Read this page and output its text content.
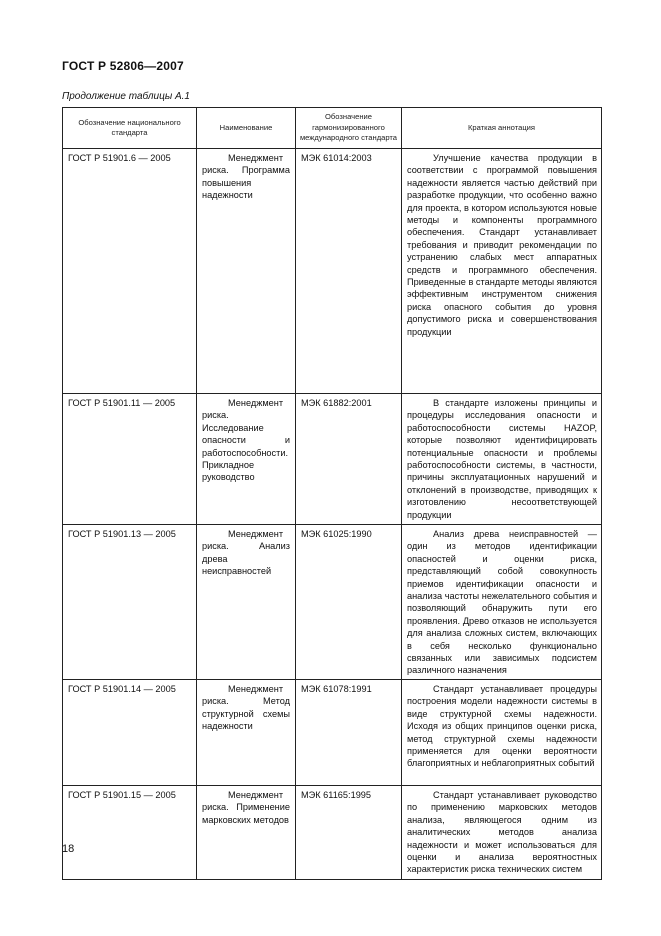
ГОСТ Р 52806—2007
Продолжение таблицы А.1
Обозначение национального стандарта	Наименование	Обозначение гармонизированного международного стандарта	Краткая аннотация
ГОСТ Р 51901.6 — 2005	Менеджмент риска. Программа повышения надежности	МЭК 61014:2003	Улучшение качества продукции в соответствии с программой повышения надежности является частью действий при разработке продукции, что особенно важно для проекта, в котором используются новые методы и компоненты программного обеспечения. Стандарт устанавливает требования и приводит рекомендации по устранению слабых мест аппаратных средств и программного обеспечения. Приведенные в стандарте методы являются эффективным инструментом снижения риска опасного события до уровня допустимого риска и совершенствования продукции
ГОСТ Р 51901.11 — 2005	Менеджмент риска. Исследование опасности и работоспособности. Прикладное руководство	МЭК 61882:2001	В стандарте изложены принципы и процедуры исследования опасности и работоспособности системы HAZOP, которые позволяют идентифицировать потенциальные опасности и проблемы работоспособности системы, в частности, причины эксплуатационных нарушений и отклонений в производстве, приводящих к изготовлению несоответствующей продукции
ГОСТ Р 51901.13 — 2005	Менеджмент риска. Анализ древа неисправностей	МЭК 61025:1990	Анализ древа неисправностей — один из методов идентификации опасностей и оценки риска, представляющий собой совокупность приемов идентификации опасности и анализа частоты нежелательного события и позволяющий обнаружить пути его проявления. Древо отказов не используется для анализа сложных систем, включающих в себя несколько функционально связанных или зависимых подсистем различного назначения
ГОСТ Р 51901.14 — 2005	Менеджмент риска. Метод структурной схемы надежности	МЭК 61078:1991	Стандарт устанавливает процедуры построения модели надежности системы в виде структурной схемы надежности. Исходя из общих принципов оценки риска, метод структурной схемы надежности применяется для оценки вероятности благоприятных и неблагоприятных событий
ГОСТ Р 51901.15 — 2005	Менеджмент риска. Применение марковских методов	МЭК 61165:1995	Стандарт устанавливает руководство по применению марковских методов анализа, являющегося одним из аналитических методов анализа надежности и может использоваться для оценки и анализа вероятностных характеристик риска технических систем
18
